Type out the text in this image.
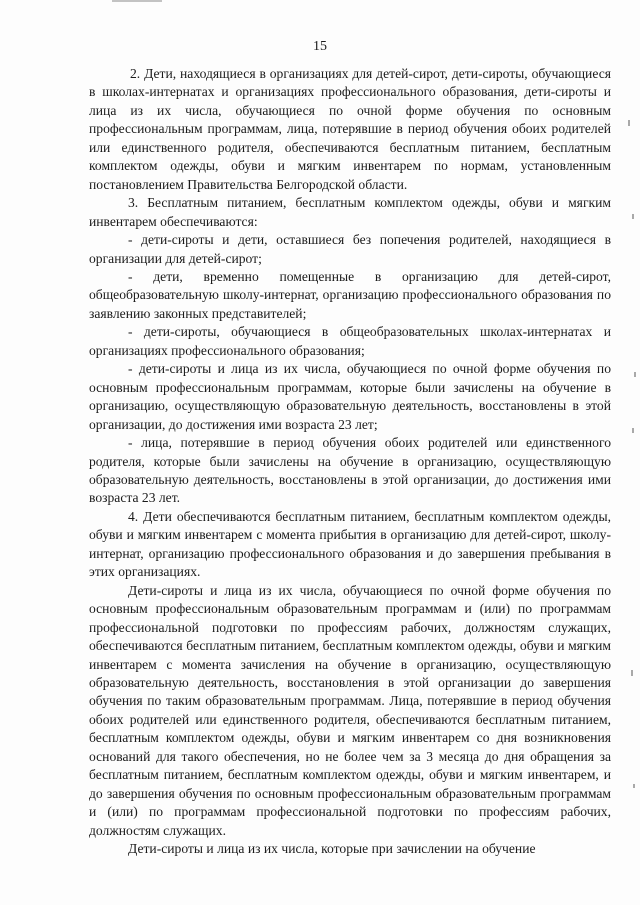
15

2. Дети, находящиеся в организациях для детей-сирот, дети-сироты, обучающиеся в школах-интернатах и организациях профессионального образования, дети-сироты и лица из их числа, обучающиеся по очной форме обучения по основным профессиональным программам, лица, потерявшие в период обучения обоих родителей или единственного родителя, обеспечиваются бесплатным питанием, бесплатным комплектом одежды, обуви и мягким инвентарем по нормам, установленным постановлением Правительства Белгородской области.

3. Бесплатным питанием, бесплатным комплектом одежды, обуви и мягким инвентарем обеспечиваются:

- дети-сироты и дети, оставшиеся без попечения родителей, находящиеся в организации для детей-сирот;

- дети, временно помещенные в организацию для детей-сирот, общеобразовательную школу-интернат, организацию профессионального образования по заявлению законных представителей;

- дети-сироты, обучающиеся в общеобразовательных школах-интернатах и организациях профессионального образования;

- дети-сироты и лица из их числа, обучающиеся по очной форме обучения по основным профессиональным программам, которые были зачислены на обучение в организацию, осуществляющую образовательную деятельность, восстановлены в этой организации, до достижения ими возраста 23 лет;

- лица, потерявшие в период обучения обоих родителей или единственного родителя, которые были зачислены на обучение в организацию, осуществляющую образовательную деятельность, восстановлены в этой организации, до достижения ими возраста 23 лет.

4. Дети обеспечиваются бесплатным питанием, бесплатным комплектом одежды, обуви и мягким инвентарем с момента прибытия в организацию для детей-сирот, школу-интернат, организацию профессионального образования и до завершения пребывания в этих организациях.

Дети-сироты и лица из их числа, обучающиеся по очной форме обучения по основным профессиональным образовательным программам и (или) по программам профессиональной подготовки по профессиям рабочих, должностям служащих, обеспечиваются бесплатным питанием, бесплатным комплектом одежды, обуви и мягким инвентарем с момента зачисления на обучение в организацию, осуществляющую образовательную деятельность, восстановления в этой организации до завершения обучения по таким образовательным программам. Лица, потерявшие в период обучения обоих родителей или единственного родителя, обеспечиваются бесплатным питанием, бесплатным комплектом одежды, обуви и мягким инвентарем со дня возникновения оснований для такого обеспечения, но не более чем за 3 месяца до дня обращения за бесплатным питанием, бесплатным комплектом одежды, обуви и мягким инвентарем, и до завершения обучения по основным профессиональным образовательным программам и (или) по программам профессиональной подготовки по профессиям рабочих, должностям служащих.

Дети-сироты и лица из их числа, которые при зачислении на обучение
